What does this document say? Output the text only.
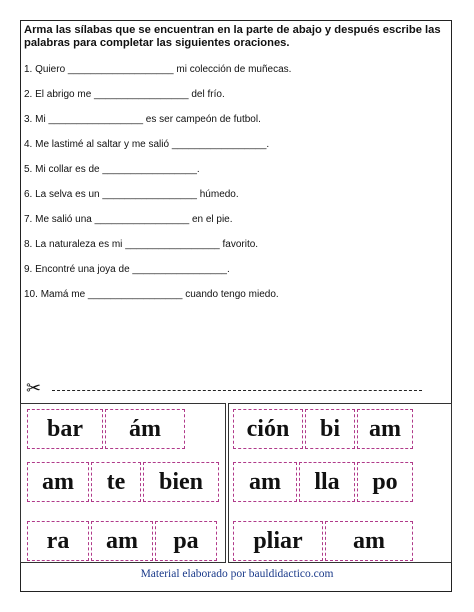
Arma las sílabas que se encuentran en la parte de abajo y después escribe las palabras para completar las siguientes oraciones.
1. Quiero ___________________ mi colección de muñecas.
2. El abrigo me _________________ del frío.
3. Mi _________________ es ser campeón de futbol.
4. Me lastimé al saltar y me salió _________________.
5. Mi collar es de _________________.
6. La selva es un _________________ húmedo.
7. Me salió una _________________ en el pie.
8. La naturaleza es mi _________________ favorito.
9. Encontré una joya de _________________.
10. Mamá me _________________ cuando tengo miedo.
✂
bar	ám
am	te	bien
ra	am	pa
ción	bi	am
am	lla	po
pliar	am
Material elaborado por bauldidactico.com
